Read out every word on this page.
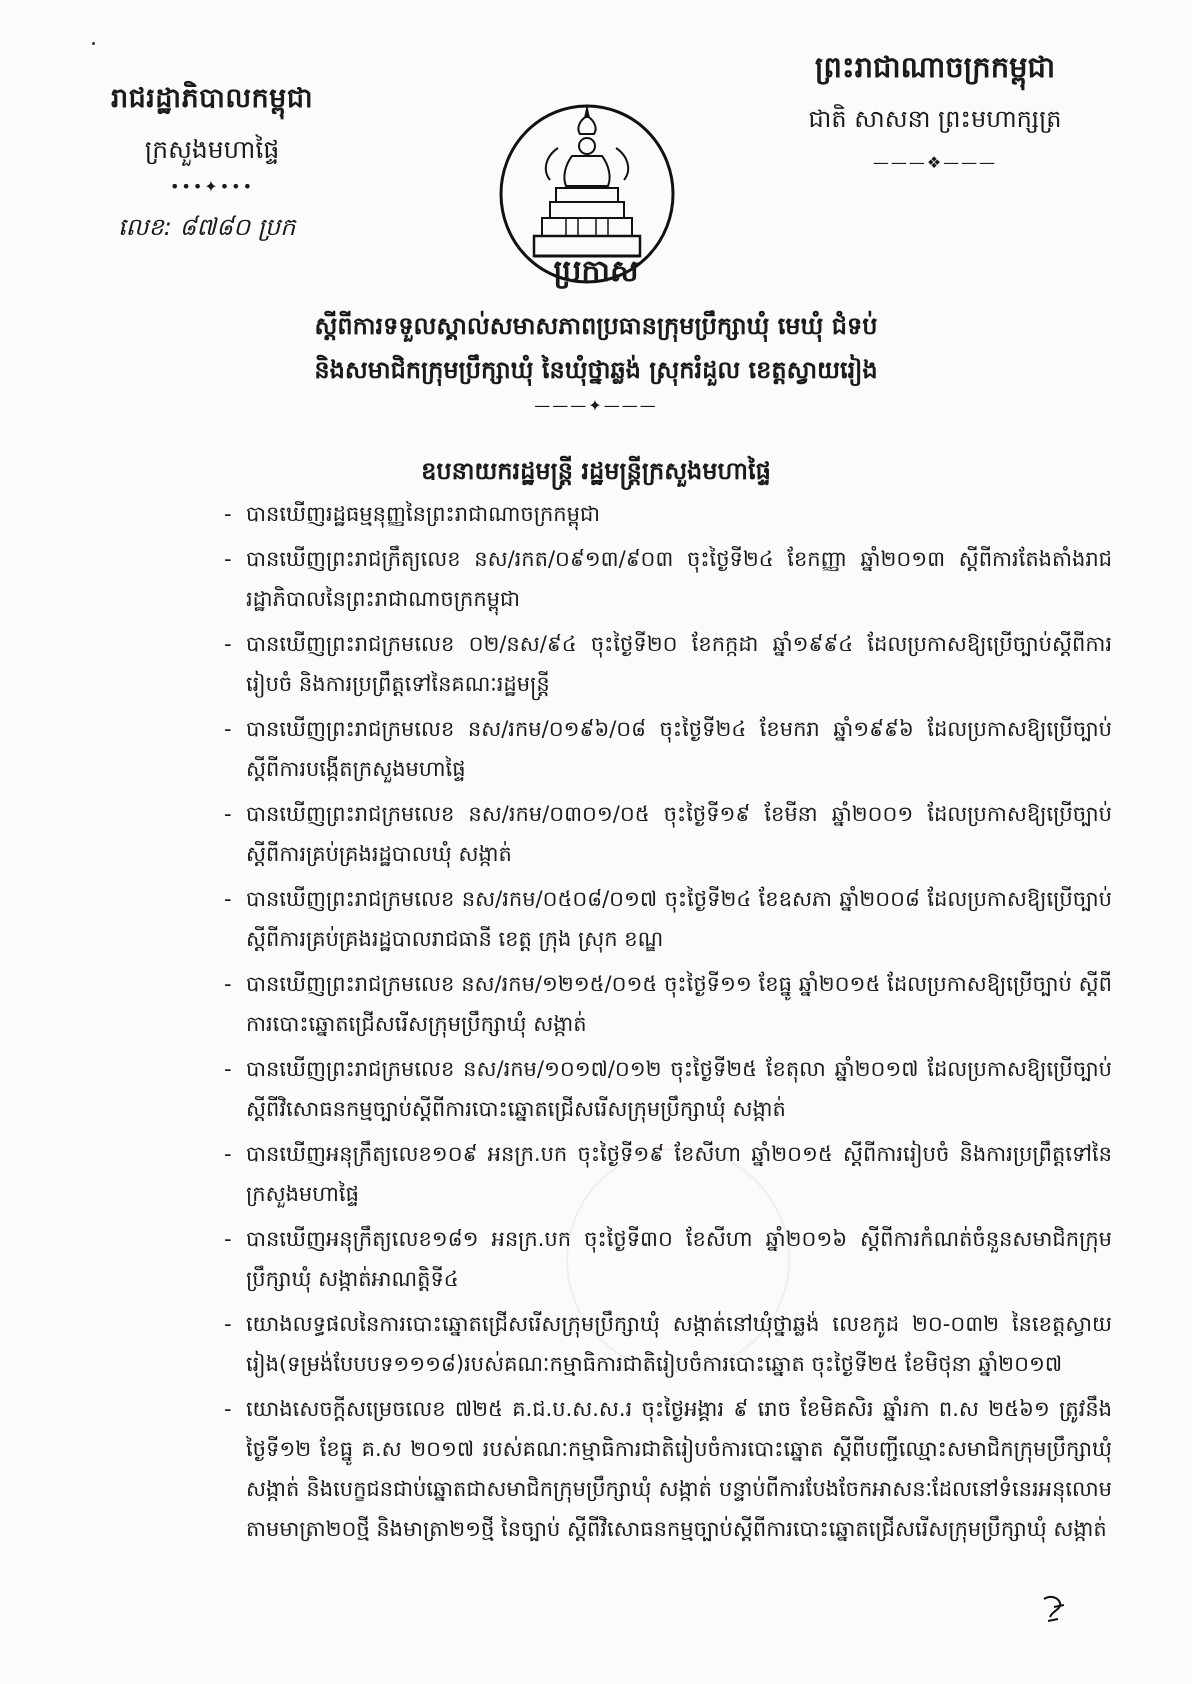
រាជរដ្ឋាភិបាលកម្ពុជា
ក្រសួងមហាផ្ទៃ
•••✦•••
លេខ: ៨៧៨០ ប្រក
ព្រះរាជាណាចក្រកម្ពុជា
ជាតិ សាសនា ព្រះមហាក្សត្រ
———❖———
ប្រកាស
ស្តីពីការទទួលស្គាល់សមាសភាពប្រធានក្រុមប្រឹក្សាឃុំ មេឃុំ ជំទប់
និងសមាជិកក្រុមប្រឹក្សាឃុំ នៃឃុំថ្នាឆ្លង់ ស្រុករំដួល ខេត្តស្វាយរៀង
———✦———
ឧបនាយករដ្ឋមន្ត្រី រដ្ឋមន្ត្រីក្រសួងមហាផ្ទៃ
- បានឃើញរដ្ឋធម្មនុញ្ញនៃព្រះរាជាណាចក្រកម្ពុជា
- បានឃើញព្រះរាជក្រឹត្យលេខ នស/រកត/០៩១៣/៩០៣ ចុះថ្ងៃទី២៤ ខែកញ្ញា ឆ្នាំ២០១៣ ស្តីពីការតែងតាំងរាជរដ្ឋាភិបាលនៃព្រះរាជាណាចក្រកម្ពុជា
- បានឃើញព្រះរាជក្រមលេខ ០២/នស/៩៤ ចុះថ្ងៃទី២០ ខែកក្កដា ឆ្នាំ១៩៩៤ ដែលប្រកាសឱ្យប្រើច្បាប់ស្តីពីការរៀបចំ និងការប្រព្រឹត្តទៅនៃគណៈរដ្ឋមន្ត្រី
- បានឃើញព្រះរាជក្រមលេខ នស/រកម/០១៩៦/០៨ ចុះថ្ងៃទី២៤ ខែមករា ឆ្នាំ១៩៩៦ ដែលប្រកាសឱ្យប្រើច្បាប់ ស្តីពីការបង្កើតក្រសួងមហាផ្ទៃ
- បានឃើញព្រះរាជក្រមលេខ នស/រកម/០៣០១/០៥ ចុះថ្ងៃទី១៩ ខែមីនា ឆ្នាំ២០០១ ដែលប្រកាសឱ្យប្រើច្បាប់ ស្តីពីការគ្រប់គ្រងរដ្ឋបាលឃុំ សង្កាត់
- បានឃើញព្រះរាជក្រមលេខ នស/រកម/០៥០៨/០១៧ ចុះថ្ងៃទី២៤ ខែឧសភា ឆ្នាំ២០០៨ ដែលប្រកាសឱ្យប្រើច្បាប់ ស្តីពីការគ្រប់គ្រងរដ្ឋបាលរាជធានី ខេត្ត ក្រុង ស្រុក ខណ្ឌ
- បានឃើញព្រះរាជក្រមលេខ នស/រកម/១២១៥/០១៥ ចុះថ្ងៃទី១១ ខែធ្នូ ឆ្នាំ២០១៥ ដែលប្រកាសឱ្យប្រើច្បាប់ ស្តីពីការបោះឆ្នោតជ្រើសរើសក្រុមប្រឹក្សាឃុំ សង្កាត់
- បានឃើញព្រះរាជក្រមលេខ នស/រកម/១០១៧/០១២ ចុះថ្ងៃទី២៥ ខែតុលា ឆ្នាំ២០១៧ ដែលប្រកាសឱ្យប្រើច្បាប់ ស្តីពីវិសោធនកម្មច្បាប់ស្តីពីការបោះឆ្នោតជ្រើសរើសក្រុមប្រឹក្សាឃុំ សង្កាត់
- បានឃើញអនុក្រឹត្យលេខ១០៩ អនក្រ.បក ចុះថ្ងៃទី១៩ ខែសីហា ឆ្នាំ២០១៥ ស្តីពីការរៀបចំ និងការប្រព្រឹត្តទៅនៃក្រសួងមហាផ្ទៃ
- បានឃើញអនុក្រឹត្យលេខ១៨១ អនក្រ.បក ចុះថ្ងៃទី៣០ ខែសីហា ឆ្នាំ២០១៦ ស្តីពីការកំណត់ចំនួនសមាជិកក្រុមប្រឹក្សាឃុំ សង្កាត់អាណត្តិទី៤
- យោងលទ្ធផលនៃការបោះឆ្នោតជ្រើសរើសក្រុមប្រឹក្សាឃុំ សង្កាត់នៅឃុំថ្នាឆ្លង់ លេខកូដ ២០-០៣២ នៃខេត្តស្វាយរៀង(ទម្រង់បែបបទ១១១៨)របស់គណៈកម្មាធិការជាតិរៀបចំការបោះឆ្នោត ចុះថ្ងៃទី២៥ ខែមិថុនា ឆ្នាំ២០១៧
- យោងសេចក្តីសម្រេចលេខ ៧២៥ គ.ជ.ប.ស.ស.រ ចុះថ្ងៃអង្គារ ៩ រោច ខែមិគសិរ ឆ្នាំរកា ព.ស ២៥៦១ ត្រូវនឹងថ្ងៃទី១២ ខែធ្នូ គ.ស ២០១៧ របស់គណៈកម្មាធិការជាតិរៀបចំការបោះឆ្នោត ស្តីពីបញ្ជីឈ្មោះសមាជិកក្រុមប្រឹក្សាឃុំ សង្កាត់ និងបេក្ខជនជាប់ឆ្នោតជាសមាជិកក្រុមប្រឹក្សាឃុំ សង្កាត់ បន្ទាប់ពីការបែងចែកអាសនៈដែលនៅទំនេរអនុលោមតាមមាត្រា២០ថ្មី និងមាត្រា២១ថ្មី នៃច្បាប់ ស្តីពីវិសោធនកម្មច្បាប់ស្តីពីការបោះឆ្នោតជ្រើសរើសក្រុមប្រឹក្សាឃុំ សង្កាត់
